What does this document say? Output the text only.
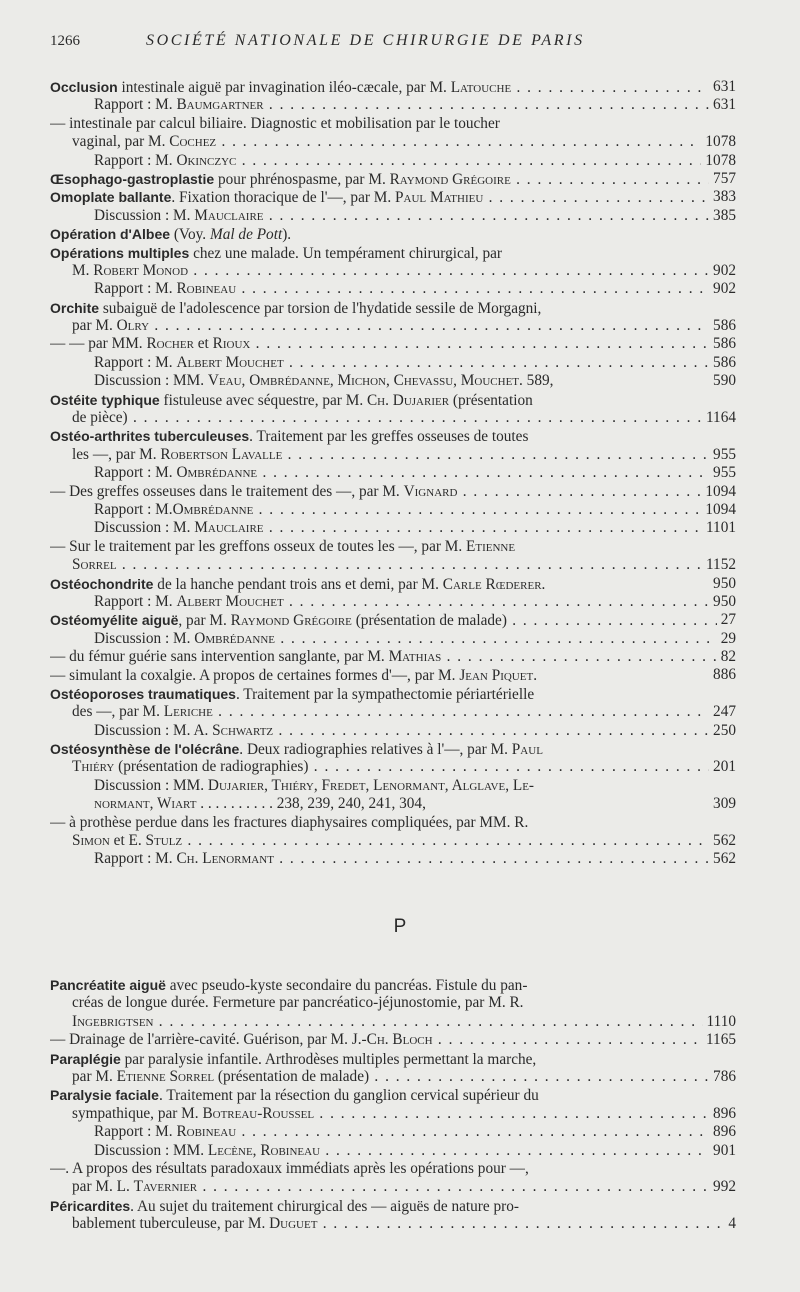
1266	SOCIÉTÉ NATIONALE DE CHIRURGIE DE PARIS
Occlusion intestinale aiguë par invagination iléo-cæcale, par M. Latouche . . .	631
Rapport : M. Baumgartner . . .	631
— intestinale par calcul biliaire. Diagnostic et mobilisation par le toucher
vaginal, par M. Cochez . . .	1078
Rapport : M. Okinczyc . . .	1078
Œsophago-gastroplastie pour phrénospasme, par M. Raymond Grégoire . . .	757
Omoplate ballante. Fixation thoracique de l'—, par M. Paul Mathieu . . .	383
Discussion : M. Mauclaire . . .	385
Opération d'Albee (Voy. Mal de Pott).
Opérations multiples chez une malade. Un tempérament chirurgical, par
M. Robert Monod . . .	902
Rapport : M. Robineau . . .	902
Orchite subaiguë de l'adolescence par torsion de l'hydatide sessile de Morgagni,
par M. Olry . . .	586
— — par MM. Rocher et Rioux . . .	586
Rapport : M. Albert Mouchet . . .	586
Discussion : MM. Veau, Ombrédanne, Michon, Chevassu, Mouchet. 589,	590
Ostéite typhique fistuleuse avec séquestre, par M. Ch. Dujarier (présentation
de pièce) . . .	1164
Ostéo-arthrites tuberculeuses. Traitement par les greffes osseuses de toutes
les —, par M. Robertson Lavalle . . .	955
Rapport : M. Ombrédanne . . .	955
— Des greffes osseuses dans le traitement des —, par M. Vignard . . .	1094
Rapport : M.Ombrédanne . . .	1094
Discussion : M. Mauclaire . . .	1101
— Sur le traitement par les greffons osseux de toutes les —, par M. Etienne
Sorrel . . .	1152
Ostéochondrite de la hanche pendant trois ans et demi, par M. Carle Rœderer.	950
Rapport : M. Albert Mouchet . . .	950
Ostéomyélite aiguë, par M. Raymond Grégoire (présentation de malade) . . .	27
Discussion : M. Ombrédanne . . .	29
— du fémur guérie sans intervention sanglante, par M. Mathias . . .	82
— simulant la coxalgie. A propos de certaines formes d'—, par M. Jean Piquet.	886
Ostéoporoses traumatiques. Traitement par la sympathectomie périartérielle
des —, par M. Leriche . . .	247
Discussion : M. A. Schwartz . . .	250
Ostéosynthèse de l'olécrâne. Deux radiographies relatives à l'—, par M. Paul
Thiéry (présentation de radiographies) . . .	201
Discussion : MM. Dujarier, Thiéry, Fredet, Lenormant, Alglave, Le-
normant, Wiart . . . . . . . . . . 238, 239, 240, 241, 304,	309
— à prothèse perdue dans les fractures diaphysaires compliquées, par MM. R.
Simon et E. Stulz . . .	562
Rapport : M. Ch. Lenormant . . .	562
P
Pancréatite aiguë avec pseudo-kyste secondaire du pancréas. Fistule du pan-
créas de longue durée. Fermeture par pancréatico-jéjunostomie, par M. R.
Ingebrigtsen . . .	1110
— Drainage de l'arrière-cavité. Guérison, par M. J.-Ch. Bloch . . .	1165
Paraplégie par paralysie infantile. Arthrodèses multiples permettant la marche,
par M. Etienne Sorrel (présentation de malade) . . .	786
Paralysie faciale. Traitement par la résection du ganglion cervical supérieur du
sympathique, par M. Botreau-Roussel . . .	896
Rapport : M. Robineau . . .	896
Discussion : MM. Lecène, Robineau . . .	901
—. A propos des résultats paradoxaux immédiats après les opérations pour —,
par M. L. Tavernier . . .	992
Péricardites. Au sujet du traitement chirurgical des — aiguës de nature pro-
bablement tuberculeuse, par M. Duguet . . .	4
